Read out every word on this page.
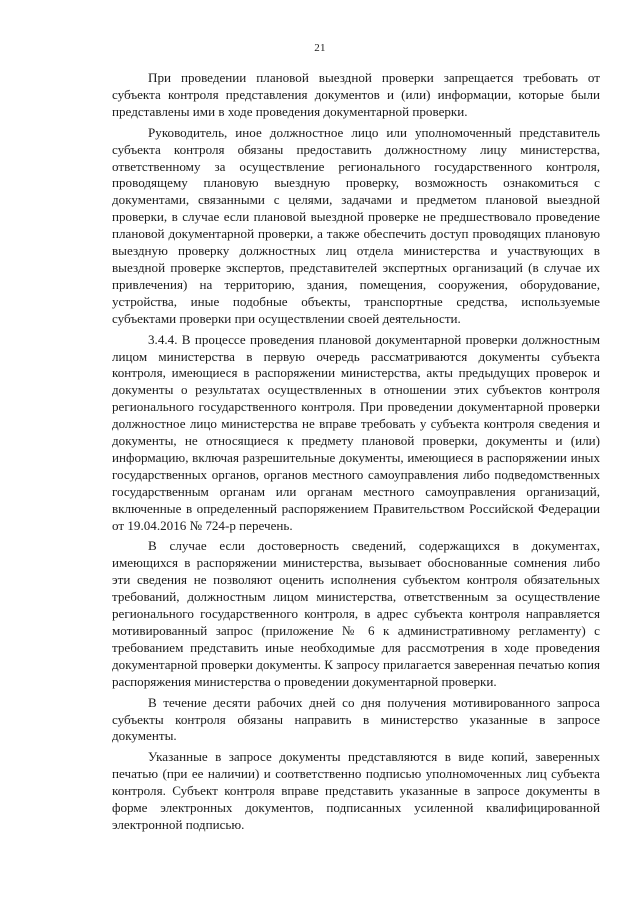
21

При проведении плановой выездной проверки запрещается требовать от субъекта контроля представления документов и (или) информации, которые были представлены ими в ходе проведения документарной проверки.

Руководитель, иное должностное лицо или уполномоченный представитель субъекта контроля обязаны предоставить должностному лицу министерства, ответственному за осуществление регионального государственного контроля, проводящему плановую выездную проверку, возможность ознакомиться с документами, связанными с целями, задачами и предметом плановой выездной проверки, в случае если плановой выездной проверке не предшествовало проведение плановой документарной проверки, а также обеспечить доступ проводящих плановую выездную проверку должностных лиц отдела министерства и участвующих в выездной проверке экспертов, представителей экспертных организаций (в случае их привлечения) на территорию, здания, помещения, сооружения, оборудование, устройства, иные подобные объекты, транспортные средства, используемые субъектами проверки при осуществлении своей деятельности.

3.4.4. В процессе проведения плановой документарной проверки должностным лицом министерства в первую очередь рассматриваются документы субъекта контроля, имеющиеся в распоряжении министерства, акты предыдущих проверок и документы о результатах осуществленных в отношении этих субъектов контроля регионального государственного контроля. При проведении документарной проверки должностное лицо министерства не вправе требовать у субъекта контроля сведения и документы, не относящиеся к предмету плановой проверки, документы и (или) информацию, включая разрешительные документы, имеющиеся в распоряжении иных государственных органов, органов местного самоуправления либо подведомственных государственным органам или органам местного самоуправления организаций, включенные в определенный распоряжением Правительством Российской Федерации от 19.04.2016 № 724-р перечень.

В случае если достоверность сведений, содержащихся в документах, имеющихся в распоряжении министерства, вызывает обоснованные сомнения либо эти сведения не позволяют оценить исполнения субъектом контроля обязательных требований, должностным лицом министерства, ответственным за осуществление регионального государственного контроля, в адрес субъекта контроля направляется мотивированный запрос (приложение № 6 к административному регламенту) с требованием представить иные необходимые для рассмотрения в ходе проведения документарной проверки документы. К запросу прилагается заверенная печатью копия распоряжения министерства о проведении документарной проверки.

В течение десяти рабочих дней со дня получения мотивированного запроса субъекты контроля обязаны направить в министерство указанные в запросе документы.

Указанные в запросе документы представляются в виде копий, заверенных печатью (при ее наличии) и соответственно подписью уполномоченных лиц субъекта контроля. Субъект контроля вправе представить указанные в запросе документы в форме электронных документов, подписанных усиленной квалифицированной электронной подписью.
